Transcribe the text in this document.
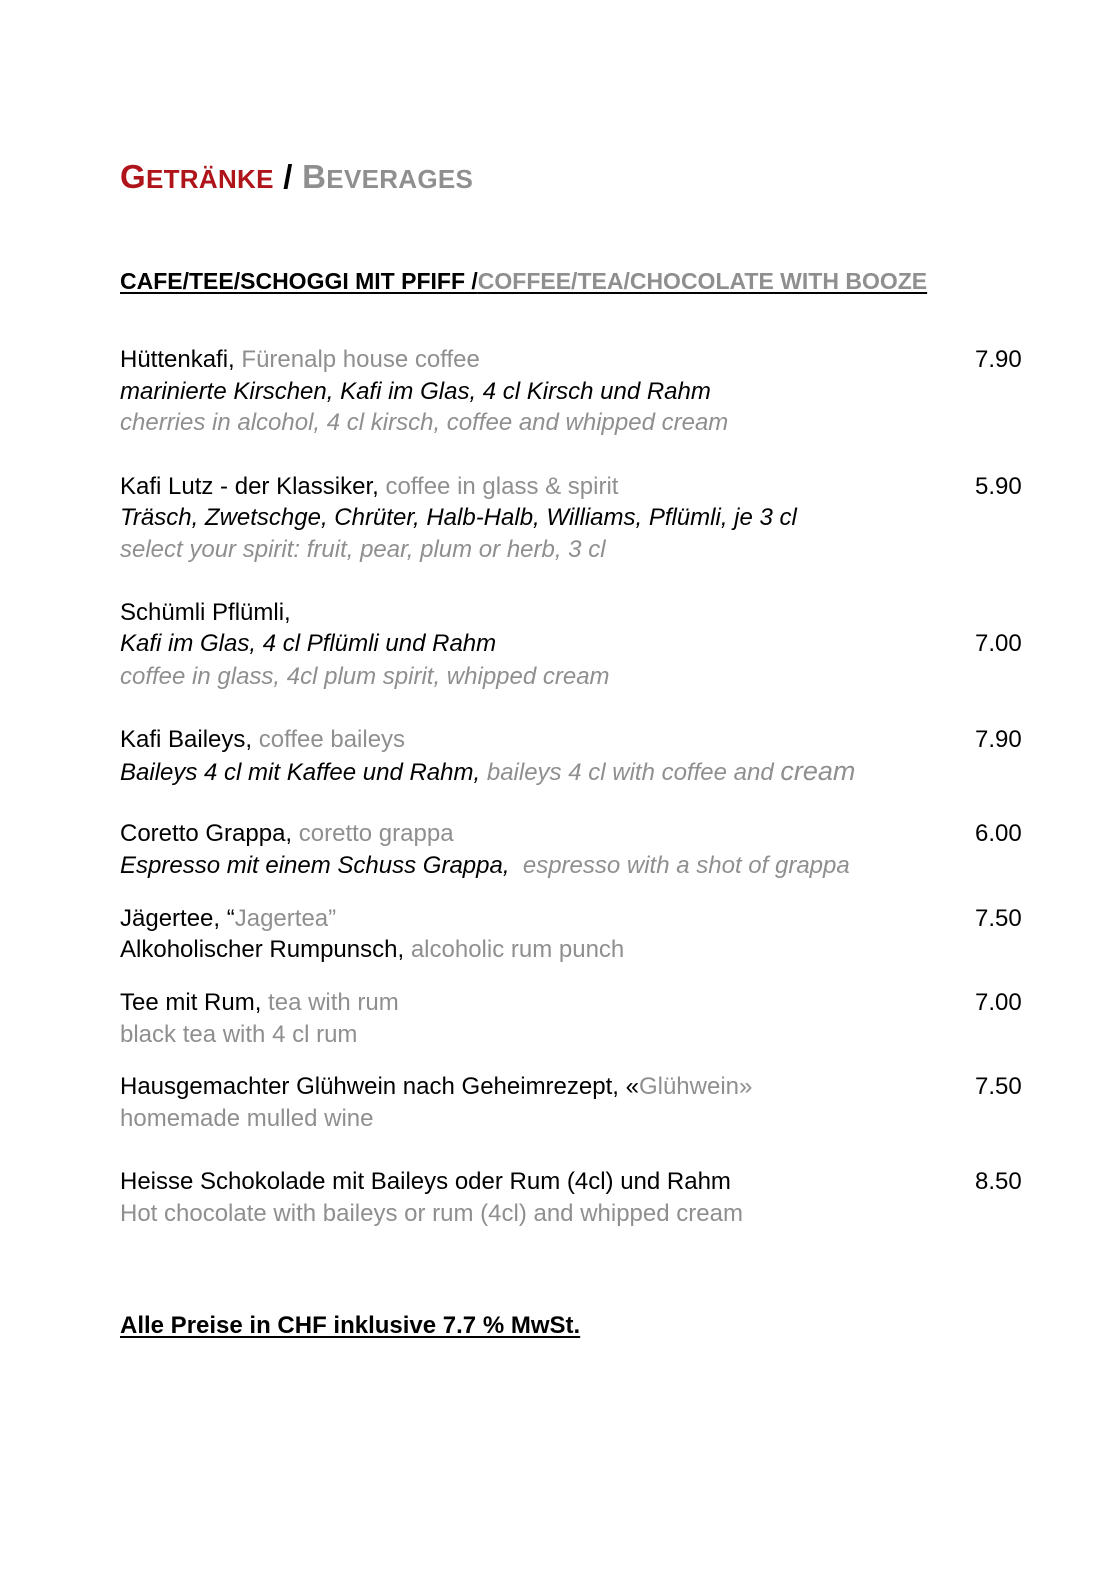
GETRÄNKE / BEVERAGES
CAFE/TEE/SCHOGGI MIT PFIFF /COFFEE/TEA/CHOCOLATE WITH BOOZE
Hüttenkafi, Fürenalp house coffee	7.90
marinierte Kirschen, Kafi im Glas, 4 cl Kirsch und Rahm
cherries in alcohol, 4 cl kirsch, coffee and whipped cream
Kafi Lutz - der Klassiker, coffee in glass & spirit	5.90
Träsch, Zwetschge, Chrüter, Halb-Halb, Williams, Pflümli, je 3 cl
select your spirit: fruit, pear, plum or herb, 3 cl
Schümli Pflümli,
Kafi im Glas, 4 cl Pflümli und Rahm	7.00
coffee in glass, 4cl plum spirit, whipped cream
Kafi Baileys, coffee baileys	7.90
Baileys 4 cl mit Kaffee und Rahm, baileys 4 cl with coffee and cream
Coretto Grappa, coretto grappa	6.00
Espresso mit einem Schuss Grappa, espresso with a shot of grappa
Jägertee, “Jagertea”	7.50
Alkoholischer Rumpunsch, alcoholic rum punch
Tee mit Rum, tea with rum	7.00
black tea with 4 cl rum
Hausgemachter Glühwein nach Geheimrezept, «Glühwein»	7.50
homemade mulled wine
Heisse Schokolade mit Baileys oder Rum (4cl) und Rahm	8.50
Hot chocolate with baileys or rum (4cl) and whipped cream
Alle Preise in CHF inklusive 7.7 % MwSt.
